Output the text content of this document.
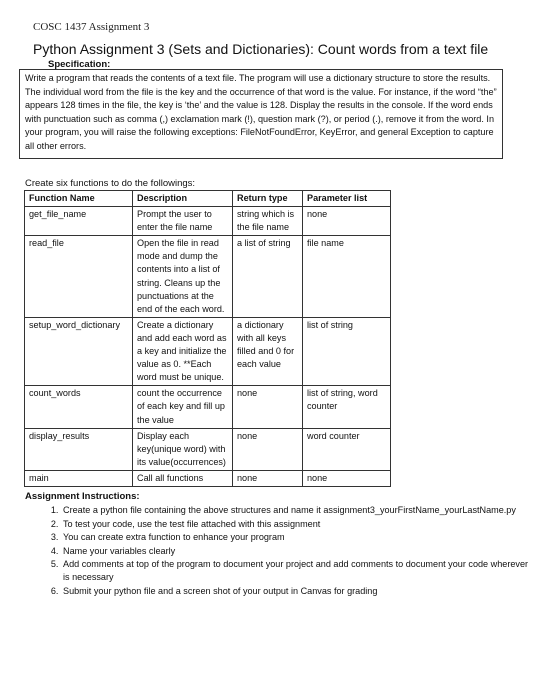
COSC 1437 Assignment 3
Python Assignment 3 (Sets and Dictionaries): Count words from a text file
Specification:
Write a program that reads the contents of a text file. The program will use a dictionary structure to store the results. The individual word from the file is the key and the occurrence of that word is the value. For instance, if the word “the” appears 128 times in the file, the key is ‘the’ and the value is 128. Display the results in the console. If the word ends with punctuation such as comma (,) exclamation mark (!), question mark (?), or period (.), remove it from the word. In your program, you will raise the following exceptions: FileNotFoundError, KeyError, and general Exception to capture all other errors.
Create six functions to do the followings:
Function Name	Description	Return type	Parameter list
get_file_name	Prompt the user to enter the file name	string which is the file name	none
read_file	Open the file in read mode and dump the contents into a list of string. Cleans up the punctuations at the end of the each word.	a list of string	file name
setup_word_dictionary	Create a dictionary and add each word as a key and initialize the value as 0. **Each word must be unique.	a dictionary with all keys filled and 0 for each value	list of string
count_words	count the occurrence of each key and fill up the value	none	list of string, word counter
display_results	Display each key(unique word) with its value(occurrences)	none	word counter
main	Call all functions	none	none
Assignment Instructions:
1. Create a python file containing the above structures and name it assignment3_yourFirstName_yourLastName.py
2. To test your code, use the test file attached with this assignment
3. You can create extra function to enhance your program
4. Name your variables clearly
5. Add comments at top of the program to document your project and add comments to document your code wherever is necessary
6. Submit your python file and a screen shot of your output in Canvas for grading
